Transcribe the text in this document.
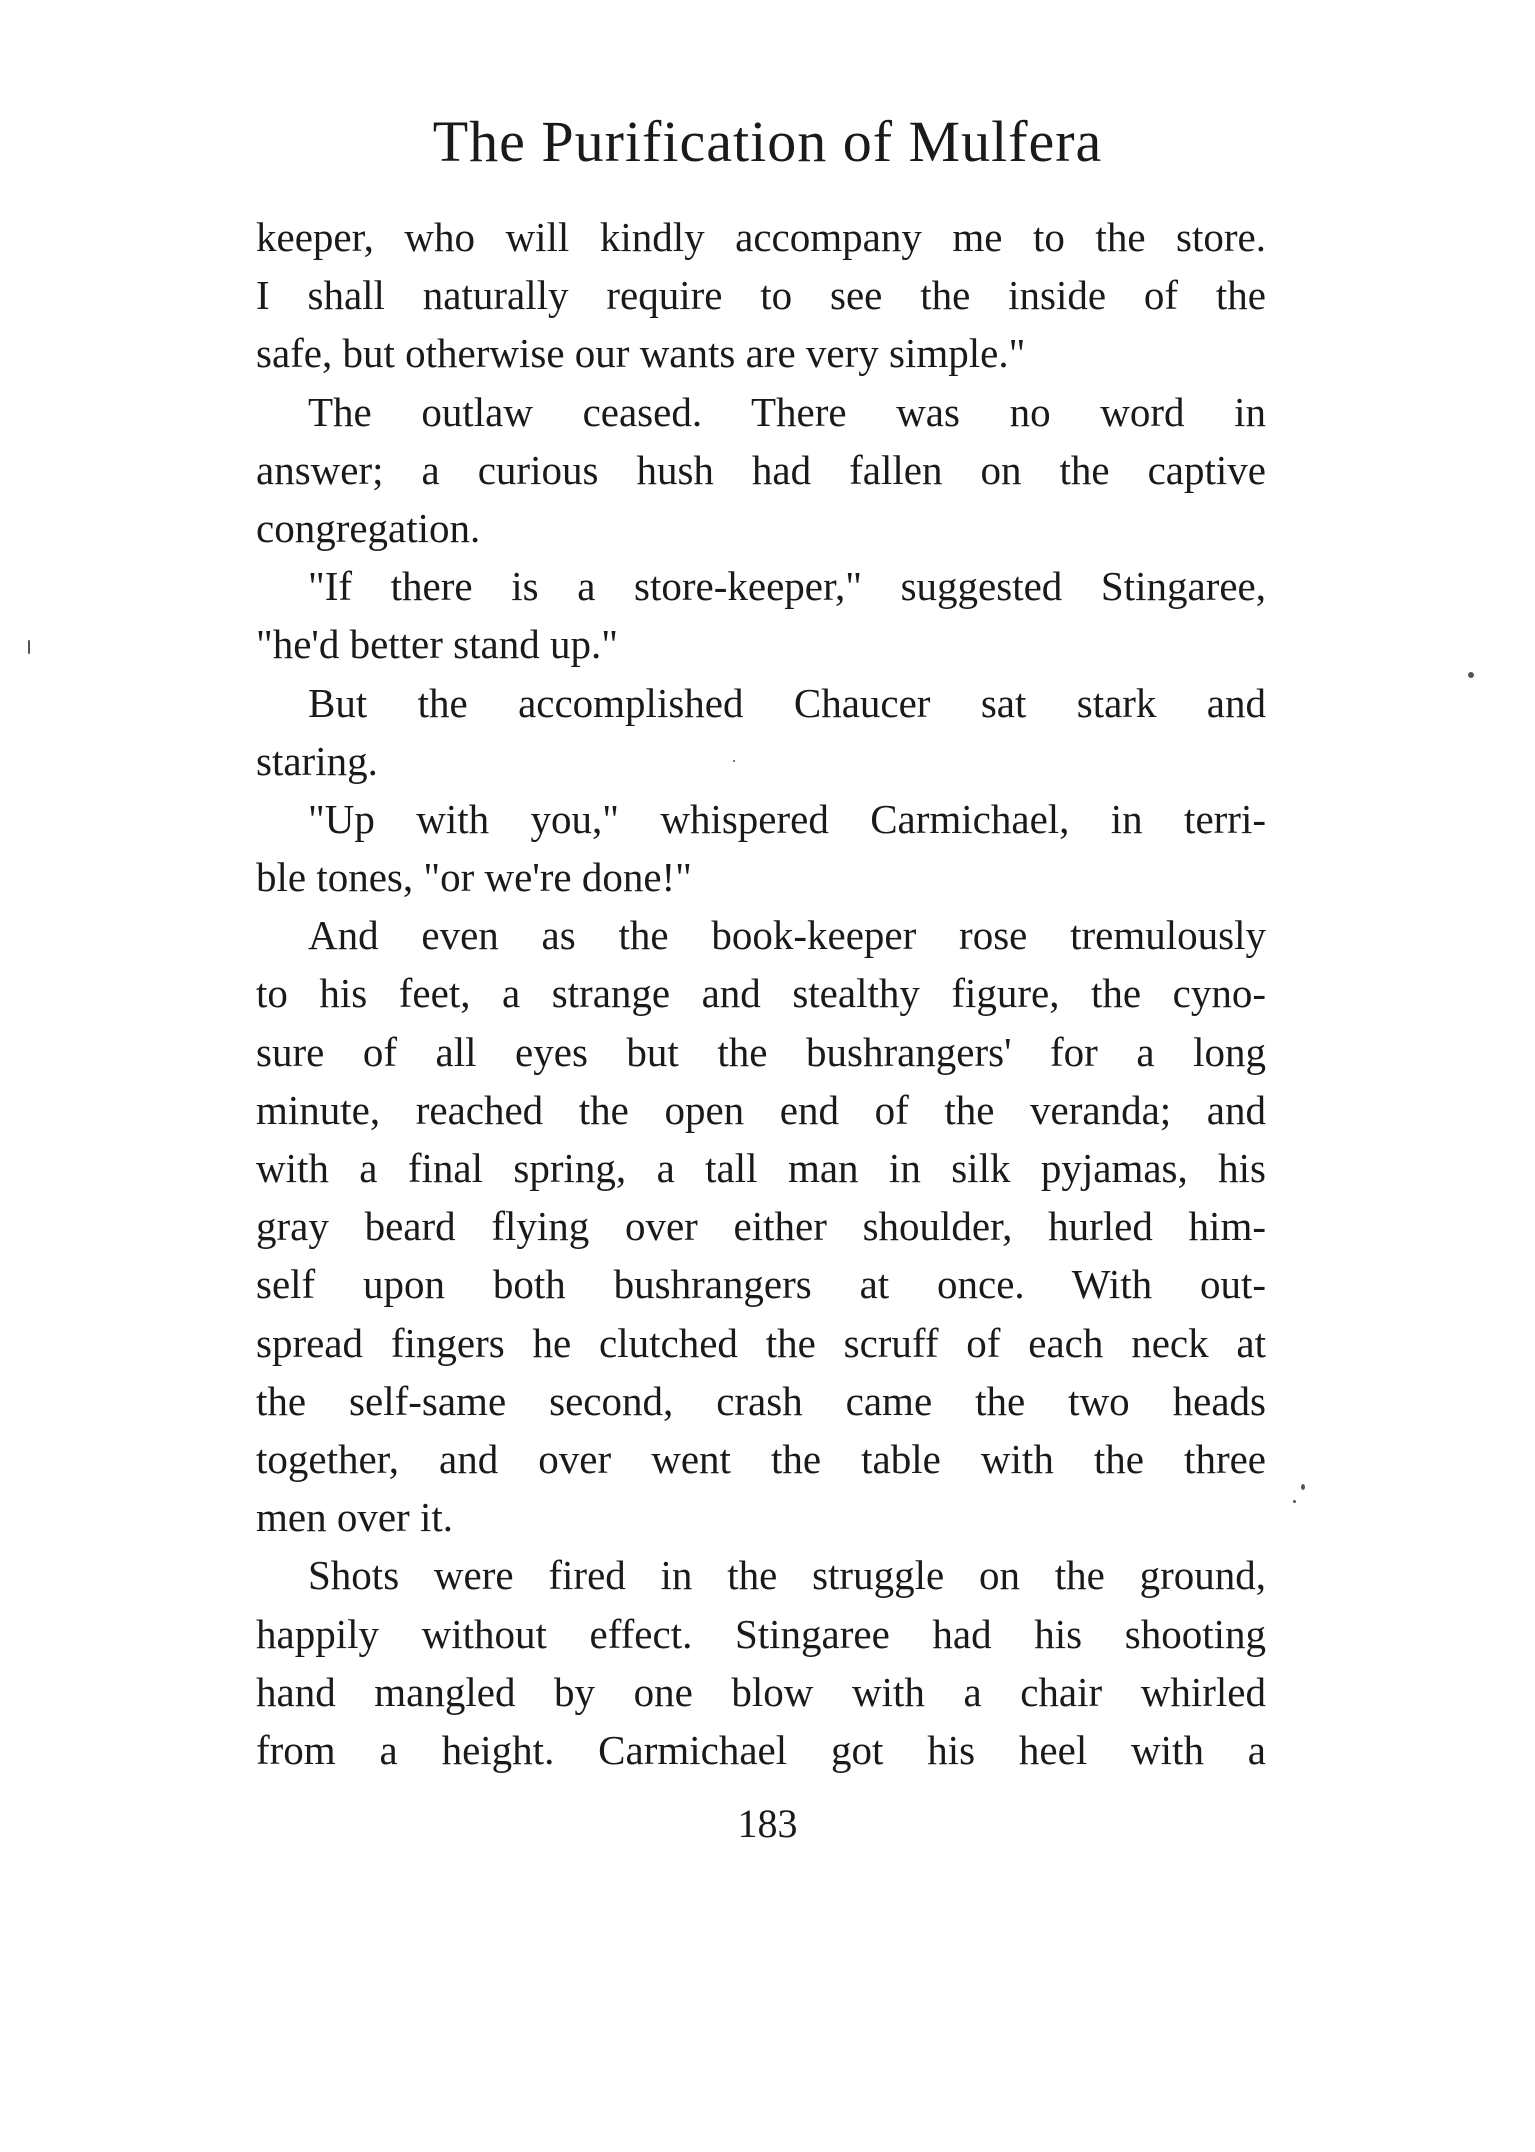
The Purification of Mulfera
keeper, who will kindly accompany me to the store.
I shall naturally require to see the inside of the
safe, but otherwise our wants are very simple."
The outlaw ceased. There was no word in
answer; a curious hush had fallen on the captive
congregation.
"If there is a store-keeper," suggested Stingaree,
"he'd better stand up."
But the accomplished Chaucer sat stark and
staring.
"Up with you," whispered Carmichael, in terri-
ble tones, "or we're done!"
And even as the book-keeper rose tremulously
to his feet, a strange and stealthy figure, the cyno-
sure of all eyes but the bushrangers' for a long
minute, reached the open end of the veranda; and
with a final spring, a tall man in silk pyjamas, his
gray beard flying over either shoulder, hurled him-
self upon both bushrangers at once. With out-
spread fingers he clutched the scruff of each neck at
the self-same second, crash came the two heads
together, and over went the table with the three
men over it.
Shots were fired in the struggle on the ground,
happily without effect. Stingaree had his shooting
hand mangled by one blow with a chair whirled
from a height. Carmichael got his heel with a
183
